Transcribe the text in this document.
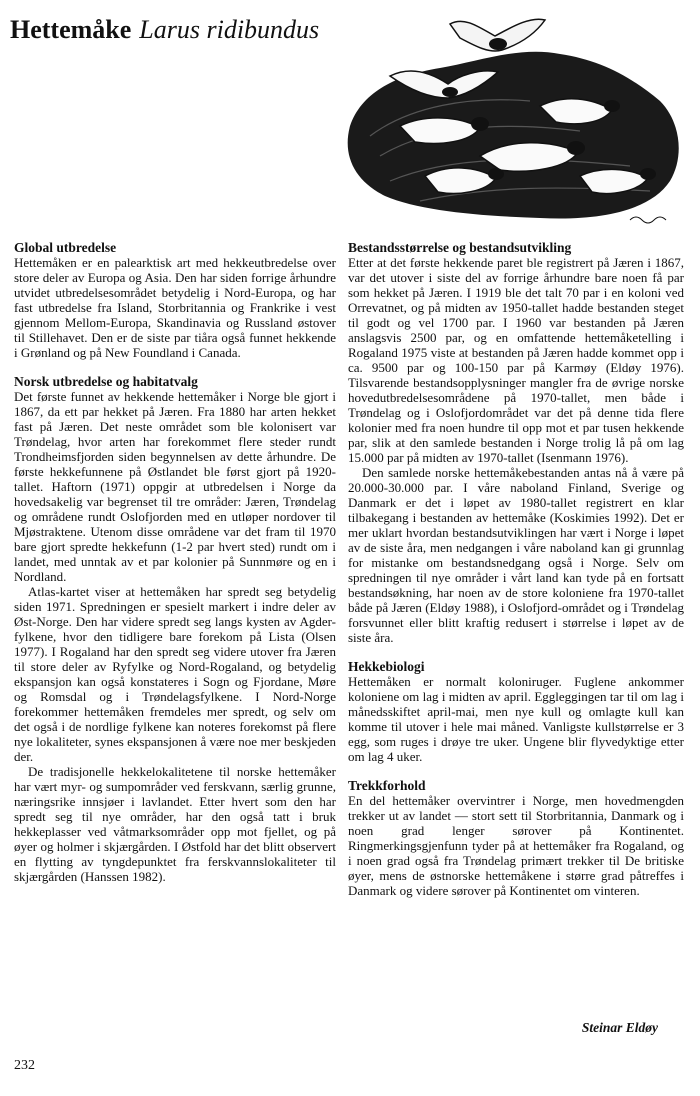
Hettemåke Larus ridibundus
Global utbredelse

Hettemåken er en palearktisk art med hekkeutbredelse over store deler av Europa og Asia. Den har siden forrige århundre utvidet utbredelsesområdet betydelig i Nord-Europa, og har fast utbredelse fra Island, Storbritannia og Frankrike i vest gjennom Mellom-Europa, Skandinavia og Russland østover til Stillehavet. Den er de siste par tiåra også funnet hekkende i Grønland og på New Foundland i Canada.

Norsk utbredelse og habitatvalg

Det første funnet av hekkende hettemåker i Norge ble gjort i 1867, da ett par hekket på Jæren. Fra 1880 har arten hekket fast på Jæren. Det neste området som ble kolonisert var Trøndelag, hvor arten har forekommet flere steder rundt Trondheimsfjorden siden begynnelsen av dette århundre. De første hekkefunnene på Østlandet ble først gjort på 1920-tallet. Haftorn (1971) oppgir at utbredelsen i Norge da hovedsakelig var begrenset til tre områder: Jæren, Trøndelag og områdene rundt Oslofjorden med en utløper nordover til Mjøstraktene. Utenom disse områdene var det fram til 1970 bare gjort spredte hekkefunn (1-2 par hvert sted) rundt om i landet, med unntak av et par kolonier på Sunnmøre og en i Nordland.

Atlas-kartet viser at hettemåken har spredt seg betydelig siden 1971. Spredningen er spesielt markert i indre deler av Øst-Norge. Den har videre spredt seg langs kysten av Agder-fylkene, hvor den tidligere bare forekom på Lista (Olsen 1977). I Rogaland har den spredt seg videre utover fra Jæren til store deler av Ryfylke og Nord-Rogaland, og betydelig ekspansjon kan også konstateres i Sogn og Fjordane, Møre og Romsdal og i Trøndelagsfylkene. I Nord-Norge forekommer hettemåken fremdeles mer spredt, og selv om det også i de nordlige fylkene kan noteres forekomst på flere nye lokaliteter, synes ekspansjonen å være noe mer beskjeden der.

De tradisjonelle hekkelokalitetene til norske hettemåker har vært myr- og sumpområder ved ferskvann, særlig grunne, næringsrike innsjøer i lavlandet. Etter hvert som den har spredt seg til nye områder, har den også tatt i bruk hekkeplasser ved våtmarksområder opp mot fjellet, og på øyer og holmer i skjærgården. I Østfold har det blitt observert en flytting av tyngdepunktet fra ferskvannslokaliteter til skjærgården (Hanssen 1982).

Bestandsstørrelse og bestandsutvikling

Etter at det første hekkende paret ble registrert på Jæren i 1867, var det utover i siste del av forrige århundre bare noen få par som hekket på Jæren. I 1919 ble det talt 70 par i en koloni ved Orrevatnet, og på midten av 1950-tallet hadde bestanden steget til godt og vel 1700 par. I 1960 var bestanden på Jæren anslagsvis 2500 par, og en omfattende hettemåketelling i Rogaland 1975 viste at bestanden på Jæren hadde kommet opp i ca. 9500 par og 100-150 par på Karmøy (Eldøy 1976). Tilsvarende bestandsopplysninger mangler fra de øvrige norske hovedutbredelsesområdene på 1970-tallet, men både i Trøndelag og i Oslofjordområdet var det på denne tida flere kolonier med fra noen hundre til opp mot et par tusen hekkende par, slik at den samlede bestanden i Norge trolig lå på om lag 15.000 par på midten av 1970-tallet (Isenmann 1976).

Den samlede norske hettemåkebestanden antas nå å være på 20.000-30.000 par. I våre naboland Finland, Sverige og Danmark er det i løpet av 1980-tallet registrert en klar tilbakegang i bestanden av hettemåke (Koskimies 1992). Det er mer uklart hvordan bestandsutviklingen har vært i Norge i løpet av de siste åra, men nedgangen i våre naboland kan gi grunnlag for mistanke om bestandsnedgang også i Norge. Selv om spredningen til nye områder i vårt land kan tyde på en fortsatt bestandsøkning, har noen av de store koloniene fra 1970-tallet både på Jæren (Eldøy 1988), i Oslofjord-området og i Trøndelag forsvunnet eller blitt kraftig redusert i størrelse i løpet av de siste åra.

Hekkebiologi

Hettemåken er normalt koloniruger. Fuglene ankommer koloniene om lag i midten av april. Eggleggingen tar til om lag i månedsskiftet april-mai, men nye kull og omlagte kull kan komme til utover i hele mai måned. Vanligste kullstørrelse er 3 egg, som ruges i drøye tre uker. Ungene blir flyvedyktige etter om lag 4 uker.

Trekkforhold

En del hettemåker overvintrer i Norge, men hovedmengden trekker ut av landet — stort sett til Storbritannia, Danmark og i noen grad lenger sørover på Kontinentet. Ringmerkingsgjenfunn tyder på at hettemåker fra Rogaland, og i noen grad også fra Trøndelag primært trekker til De britiske øyer, mens de østnorske hettemåkene i større grad påtreffes i Danmark og videre sørover på Kontinentet om vinteren.

Steinar Eldøy
232
